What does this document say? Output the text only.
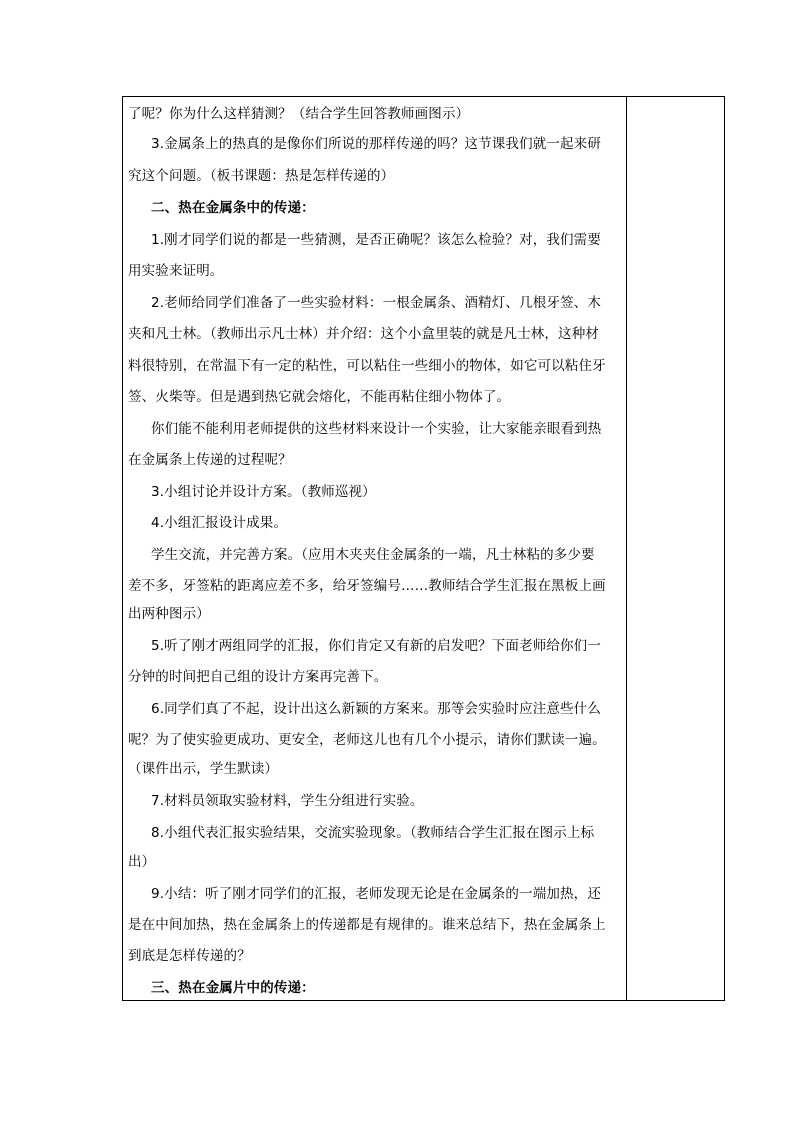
了呢？你为什么这样猜测？（结合学生回答教师画图示）
3.金属条上的热真的是像你们所说的那样传递的吗？这节课我们就一起来研
究这个问题。（板书课题：热是怎样传递的）
二、热在金属条中的传递：
1.刚才同学们说的都是一些猜测，是否正确呢？该怎么检验？对，我们需要
用实验来证明。
2.老师给同学们准备了一些实验材料：一根金属条、酒精灯、几根牙签、木
夹和凡士林。（教师出示凡士林）并介绍：这个小盒里装的就是凡士林，这种材
料很特别，在常温下有一定的粘性，可以粘住一些细小的物体，如它可以粘住牙
签、火柴等。但是遇到热它就会熔化，不能再粘住细小物体了。
你们能不能利用老师提供的这些材料来设计一个实验，让大家能亲眼看到热
在金属条上传递的过程呢？
3.小组讨论并设计方案。（教师巡视）
4.小组汇报设计成果。
学生交流，并完善方案。（应用木夹夹住金属条的一端，凡士林粘的多少要
差不多，牙签粘的距离应差不多，给牙签编号……教师结合学生汇报在黑板上画
出两种图示）
5.听了刚才两组同学的汇报，你们肯定又有新的启发吧？下面老师给你们一
分钟的时间把自己组的设计方案再完善下。
6.同学们真了不起，设计出这么新颖的方案来。那等会实验时应注意些什么
呢？为了使实验更成功、更安全，老师这儿也有几个小提示，请你们默读一遍。
（课件出示，学生默读）
7.材料员领取实验材料，学生分组进行实验。
8.小组代表汇报实验结果，交流实验现象。（教师结合学生汇报在图示上标
出）
9.小结：听了刚才同学们的汇报，老师发现无论是在金属条的一端加热，还
是在中间加热，热在金属条上的传递都是有规律的。谁来总结下，热在金属条上
到底是怎样传递的？
三、热在金属片中的传递：
